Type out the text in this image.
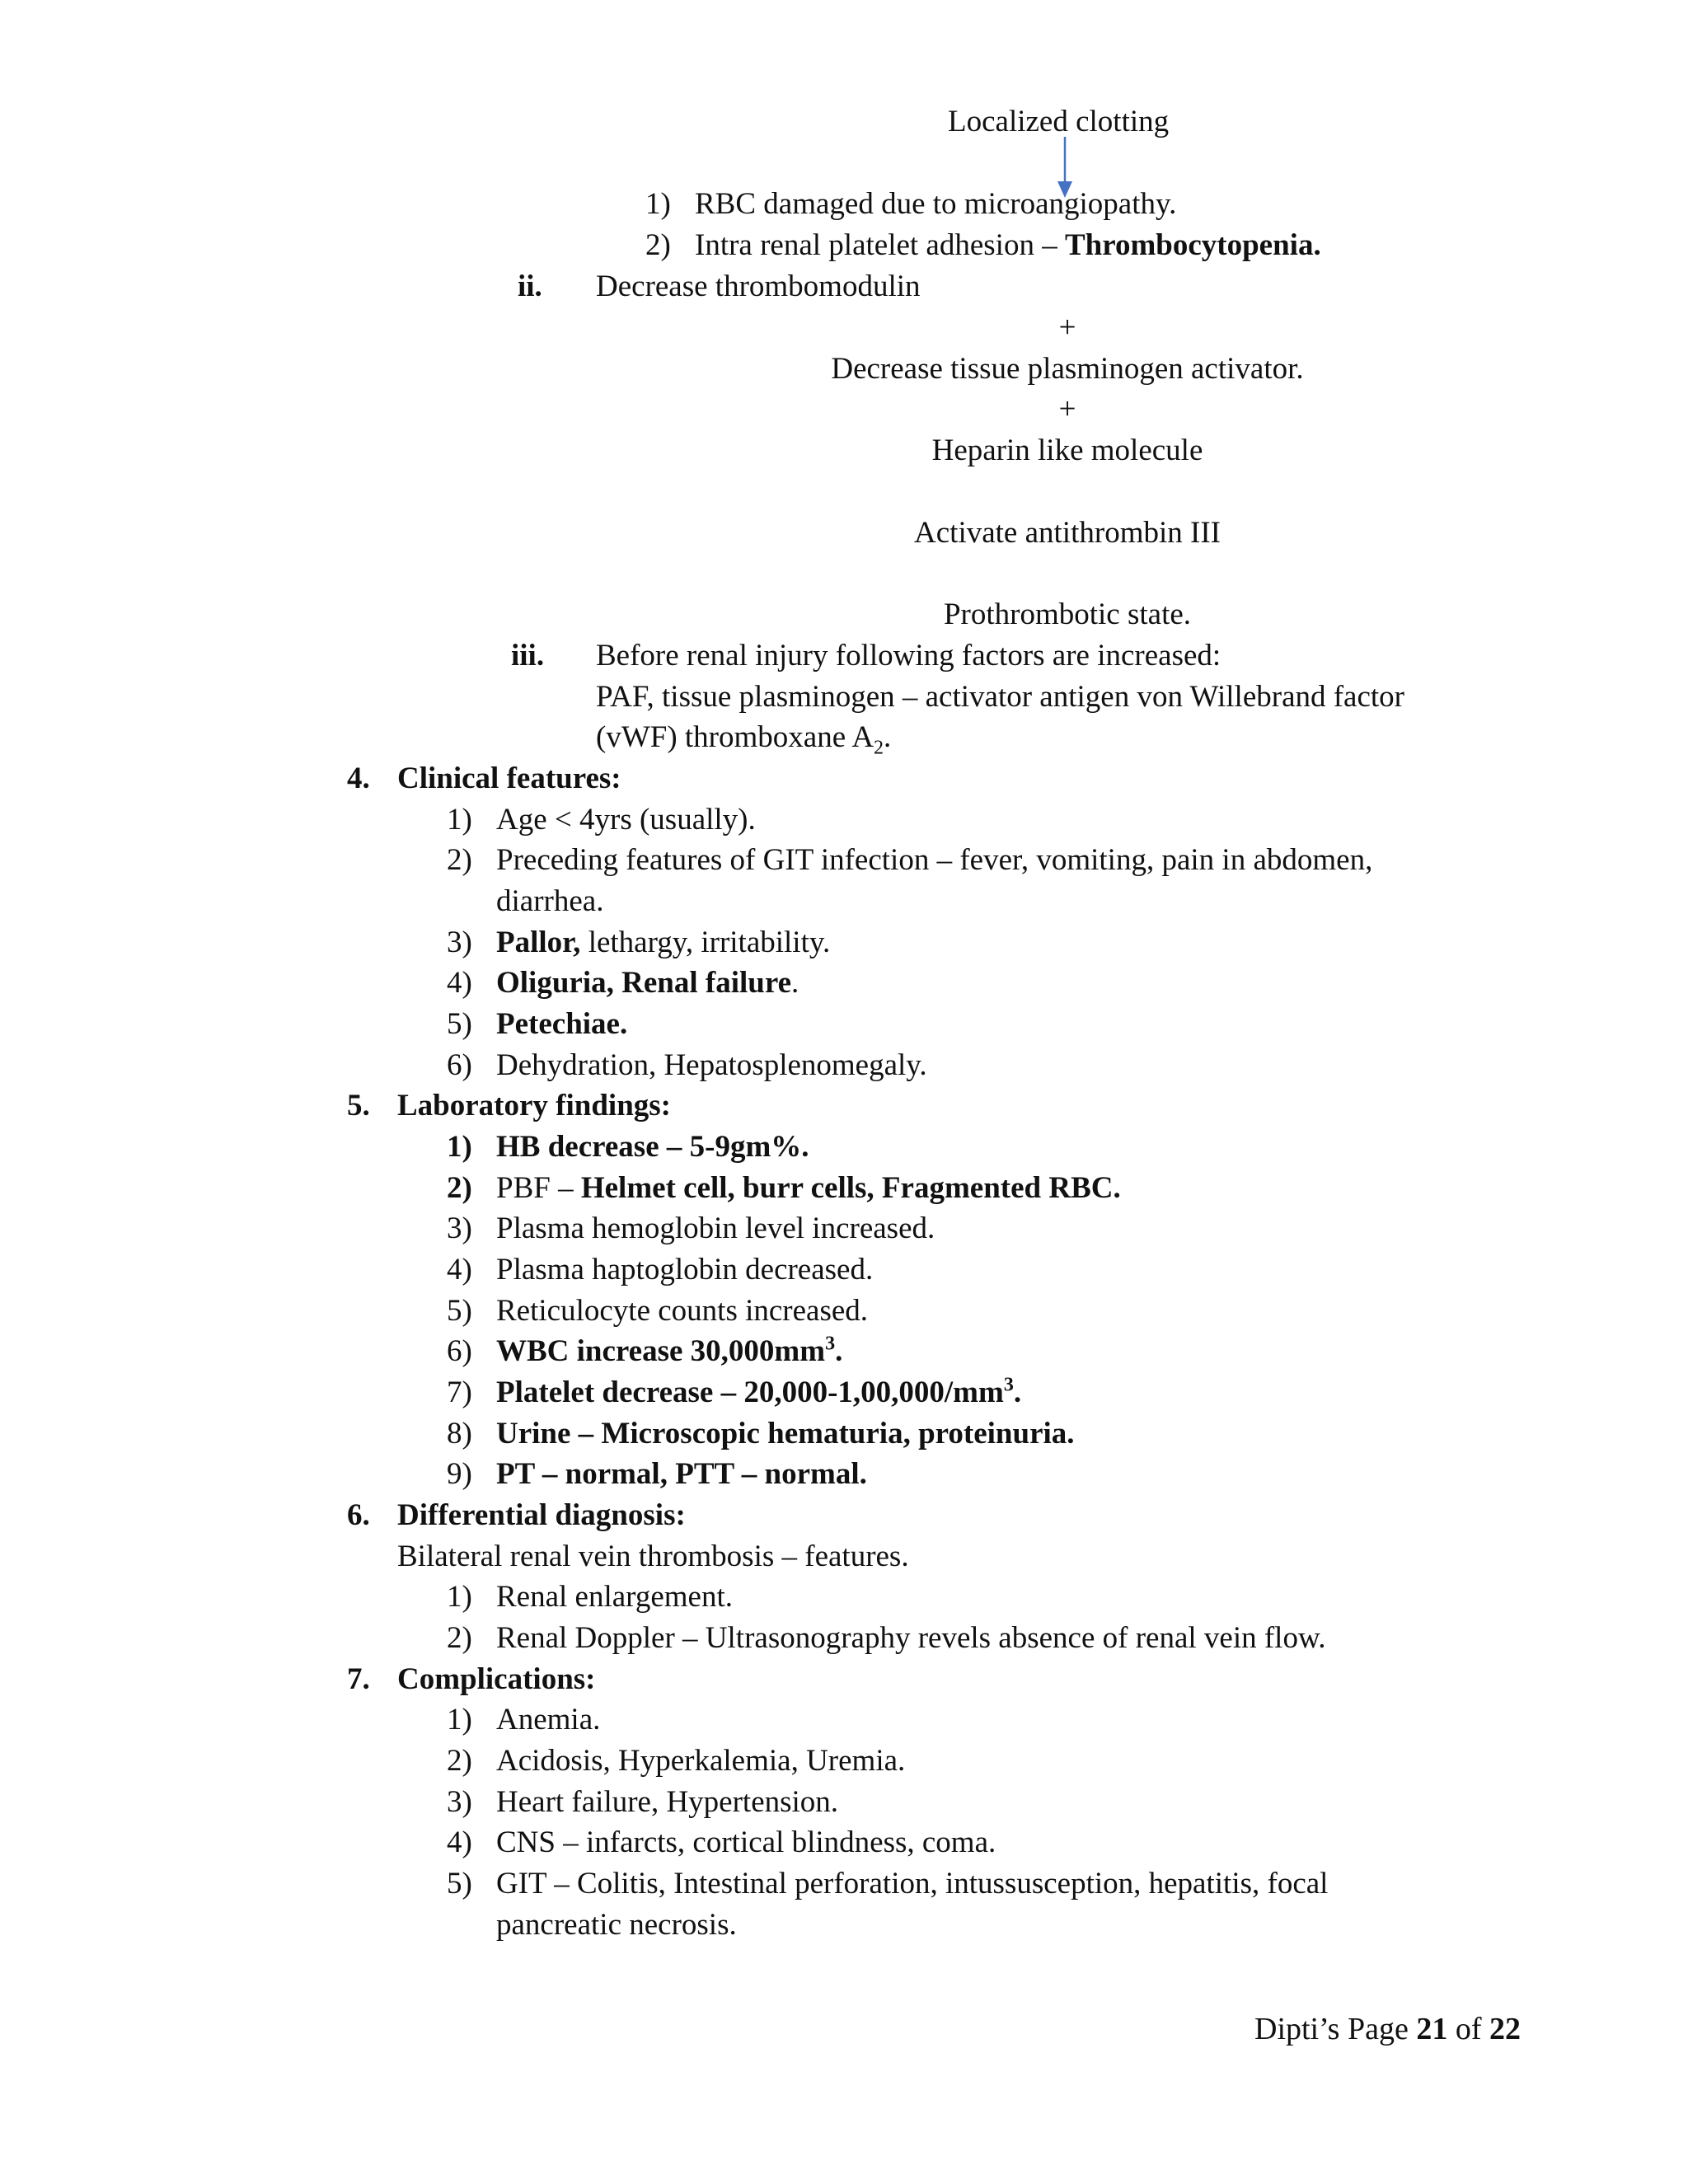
Localized clotting
1) RBC damaged due to microangiopathy.
2) Intra renal platelet adhesion – Thrombocytopenia.
ii. Decrease thrombomodulin
+
Decrease tissue plasminogen activator.
+
Heparin like molecule
Activate antithrombin III
Prothrombotic state.
iii. Before renal injury following factors are increased:
PAF, tissue plasminogen – activator antigen von Willebrand factor
(vWF) thromboxane $A_2$.
4. Clinical features:
1) Age < 4yrs (usually).
2) Preceding features of GIT infection – fever, vomiting, pain in abdomen,
diarrhea.
3) Pallor, lethargy, irritability.
4) Oliguria, Renal failure.
5) Petechiae.
6) Dehydration, Hepatosplenomegaly.
5. Laboratory findings:
1) HB decrease – 5-9gm%.
2) PBF – Helmet cell, burr cells, Fragmented RBC.
3) Plasma hemoglobin level increased.
4) Plasma haptoglobin decreased.
5) Reticulocyte counts increased.
6) WBC increase $30,000mm^3$.
7) Platelet decrease – $20,000-1,00,000/mm^3$.
8) Urine – Microscopic hematuria, proteinuria.
9) PT – normal, PTT – normal.
6. Differential diagnosis:
Bilateral renal vein thrombosis – features.
1) Renal enlargement.
2) Renal Doppler – Ultrasonography revels absence of renal vein flow.
7. Complications:
1) Anemia.
2) Acidosis, Hyperkalemia, Uremia.
3) Heart failure, Hypertension.
4) CNS – infarcts, cortical blindness, coma.
5) GIT – Colitis, Intestinal perforation, intussusception, hepatitis, focal
pancreatic necrosis.
Dipti’s Page 21 of 22
